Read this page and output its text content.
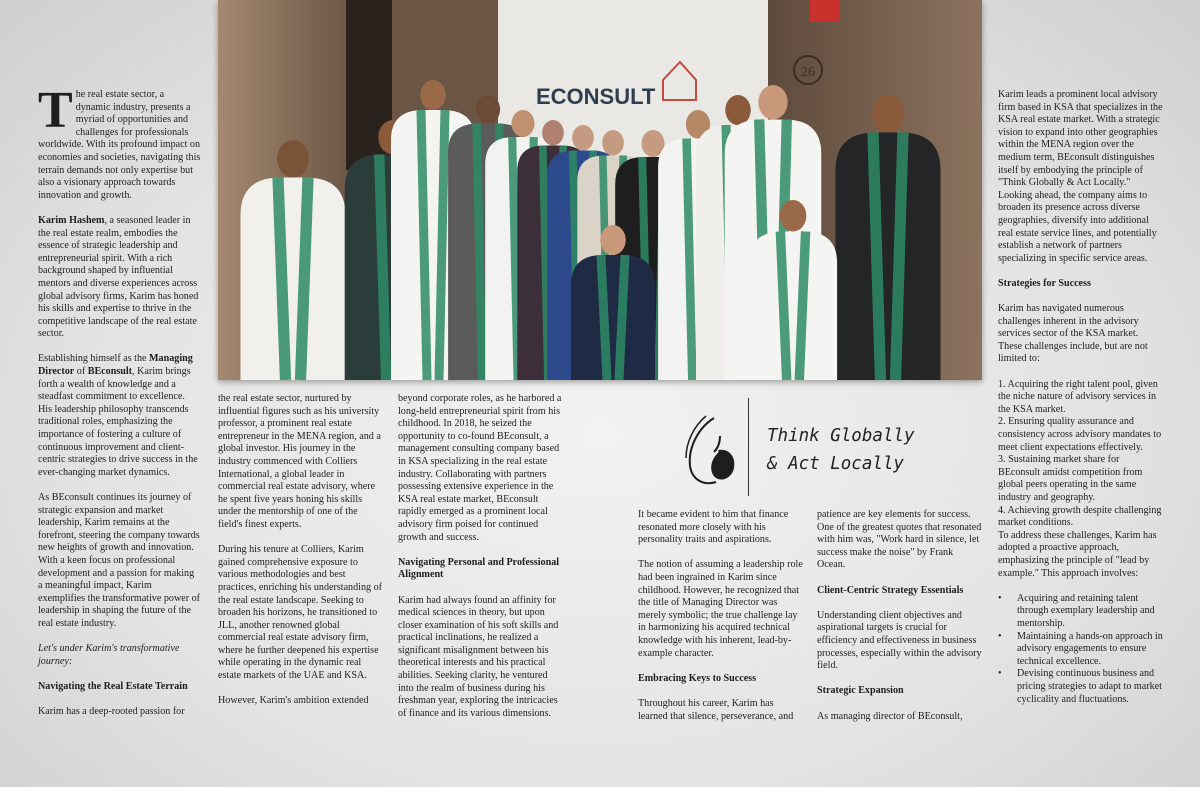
ECONSULT
26

The real estate sector, a dynamic industry, presents a myriad of opportunities and challenges for professionals worldwide. With its profound impact on economies and societies, navigating this terrain demands not only expertise but also a visionary approach towards innovation and growth.

Karim Hashem, a seasoned leader in the real estate realm, embodies the essence of strategic leadership and entrepreneurial spirit. With a rich background shaped by influential mentors and diverse experiences across global advisory firms, Karim has honed his skills and expertise to thrive in the competitive landscape of the real estate sector.

Establishing himself as the Managing Director of BEconsult, Karim brings forth a wealth of knowledge and a steadfast commitment to excellence. His leadership philosophy transcends traditional roles, emphasizing the importance of fostering a culture of continuous improvement and client-centric strategies to drive success in the ever-changing market dynamics.

As BEconsult continues its journey of strategic expansion and market leadership, Karim remains at the forefront, steering the company towards new heights of growth and innovation. With a keen focus on professional development and a passion for making a meaningful impact, Karim exemplifies the transformative power of leadership in shaping the future of the real estate industry.

Let's under Karim's transformative journey:

Navigating the Real Estate Terrain

Karim has a deep-rooted passion for

the real estate sector, nurtured by influential figures such as his university professor, a prominent real estate entrepreneur in the MENA region, and a global investor. His journey in the industry commenced with Colliers International, a global leader in commercial real estate advisory, where he spent five years honing his skills under the mentorship of one of the field's finest experts.

During his tenure at Colliers, Karim gained comprehensive exposure to various methodologies and best practices, enriching his understanding of the real estate landscape. Seeking to broaden his horizons, he transitioned to JLL, another renowned global commercial real estate advisory firm, where he further deepened his expertise while operating in the dynamic real estate markets of the UAE and KSA.

However, Karim's ambition extended

beyond corporate roles, as he harbored a long-held entrepreneurial spirit from his childhood. In 2018, he seized the opportunity to co-found BEconsult, a management consulting company based in KSA specializing in the real estate industry. Collaborating with partners possessing extensive experience in the KSA real estate market, BEconsult rapidly emerged as a prominent local advisory firm poised for continued growth and success.

Navigating Personal and Professional Alignment

Karim had always found an affinity for medical sciences in theory, but upon closer examination of his soft skills and practical inclinations, he realized a significant misalignment between his theoretical interests and his practical abilities. Seeking clarity, he ventured into the realm of business during his freshman year, exploring the intricacies of finance and its various dimensions.

Think Globally
& Act Locally

It became evident to him that finance resonated more closely with his personality traits and aspirations.

The notion of assuming a leadership role had been ingrained in Karim since childhood. However, he recognized that the title of Managing Director was merely symbolic; the true challenge lay in harmonizing his acquired technical knowledge with his inherent, lead-by-example character.

Embracing Keys to Success

Throughout his career, Karim has learned that silence, perseverance, and

patience are key elements for success. One of the greatest quotes that resonated with him was, "Work hard in silence, let success make the noise" by Frank Ocean.

Client-Centric Strategy Essentials

Understanding client objectives and aspirational targets is crucial for efficiency and effectiveness in business processes, especially within the advisory field.

Strategic Expansion

As managing director of BEconsult,

Karim leads a prominent local advisory firm based in KSA that specializes in the KSA real estate market. With a strategic vision to expand into other geographies within the MENA region over the medium term, BEconsult distinguishes itself by embodying the principle of "Think Globally & Act Locally." Looking ahead, the company aims to broaden its presence across diverse geographies, diversify into additional real estate service lines, and potentially establish a network of partners specializing in specific service areas.

Strategies for Success

Karim has navigated numerous challenges inherent in the advisory services sector of the KSA market. These challenges include, but are not limited to:

1. Acquiring the right talent pool, given the niche nature of advisory services in the KSA market.
2. Ensuring quality assurance and consistency across advisory mandates to meet client expectations effectively.
3. Sustaining market share for BEconsult amidst competition from global peers operating in the same industry and geography.
4. Achieving growth despite challenging market conditions.

To address these challenges, Karim has adopted a proactive approach, emphasizing the principle of "lead by example." This approach involves:

• Acquiring and retaining talent through exemplary leadership and mentorship.
• Maintaining a hands-on approach in advisory engagements to ensure technical excellence.
• Devising continuous business and pricing strategies to adapt to market cyclicality and fluctuations.
